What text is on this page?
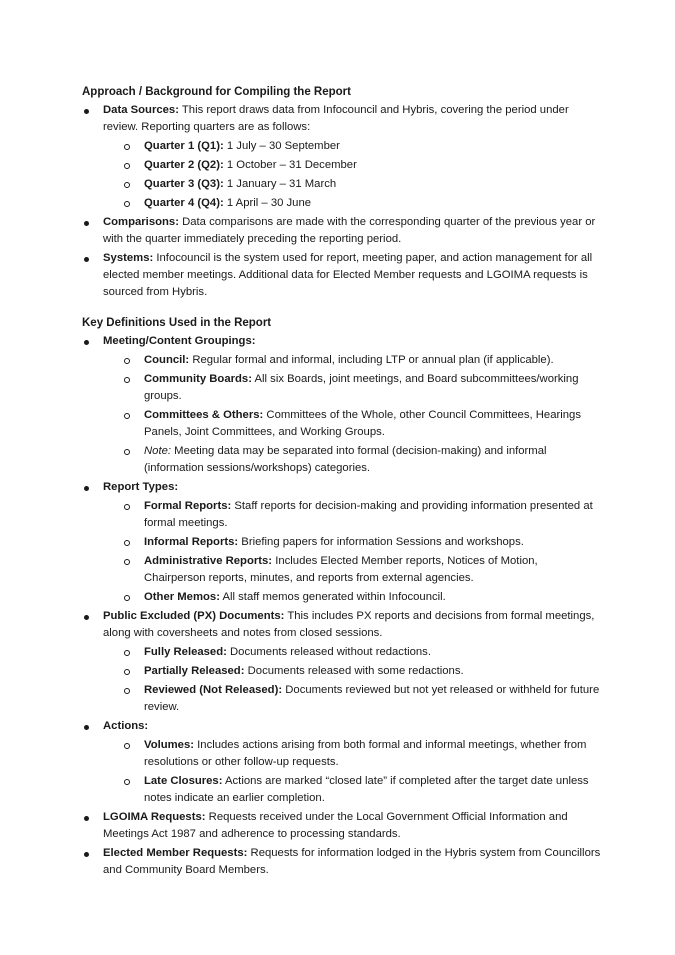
Approach / Background for Compiling the Report
Data Sources: This report draws data from Infocouncil and Hybris, covering the period under review. Reporting quarters are as follows:
Quarter 1 (Q1): 1 July – 30 September
Quarter 2 (Q2): 1 October – 31 December
Quarter 3 (Q3): 1 January – 31 March
Quarter 4 (Q4): 1 April – 30 June
Comparisons: Data comparisons are made with the corresponding quarter of the previous year or with the quarter immediately preceding the reporting period.
Systems: Infocouncil is the system used for report, meeting paper, and action management for all elected member meetings. Additional data for Elected Member requests and LGOIMA requests is sourced from Hybris.
Key Definitions Used in the Report
Meeting/Content Groupings:
Council: Regular formal and informal, including LTP or annual plan (if applicable).
Community Boards: All six Boards, joint meetings, and Board subcommittees/working groups.
Committees & Others: Committees of the Whole, other Council Committees, Hearings Panels, Joint Committees, and Working Groups.
Note: Meeting data may be separated into formal (decision-making) and informal (information sessions/workshops) categories.
Report Types:
Formal Reports: Staff reports for decision-making and providing information presented at formal meetings.
Informal Reports: Briefing papers for information Sessions and workshops.
Administrative Reports: Includes Elected Member reports, Notices of Motion, Chairperson reports, minutes, and reports from external agencies.
Other Memos: All staff memos generated within Infocouncil.
Public Excluded (PX) Documents: This includes PX reports and decisions from formal meetings, along with coversheets and notes from closed sessions.
Fully Released: Documents released without redactions.
Partially Released: Documents released with some redactions.
Reviewed (Not Released): Documents reviewed but not yet released or withheld for future review.
Actions:
Volumes: Includes actions arising from both formal and informal meetings, whether from resolutions or other follow-up requests.
Late Closures: Actions are marked “closed late” if completed after the target date unless notes indicate an earlier completion.
LGOIMA Requests: Requests received under the Local Government Official Information and Meetings Act 1987 and adherence to processing standards.
Elected Member Requests: Requests for information lodged in the Hybris system from Councillors and Community Board Members.
